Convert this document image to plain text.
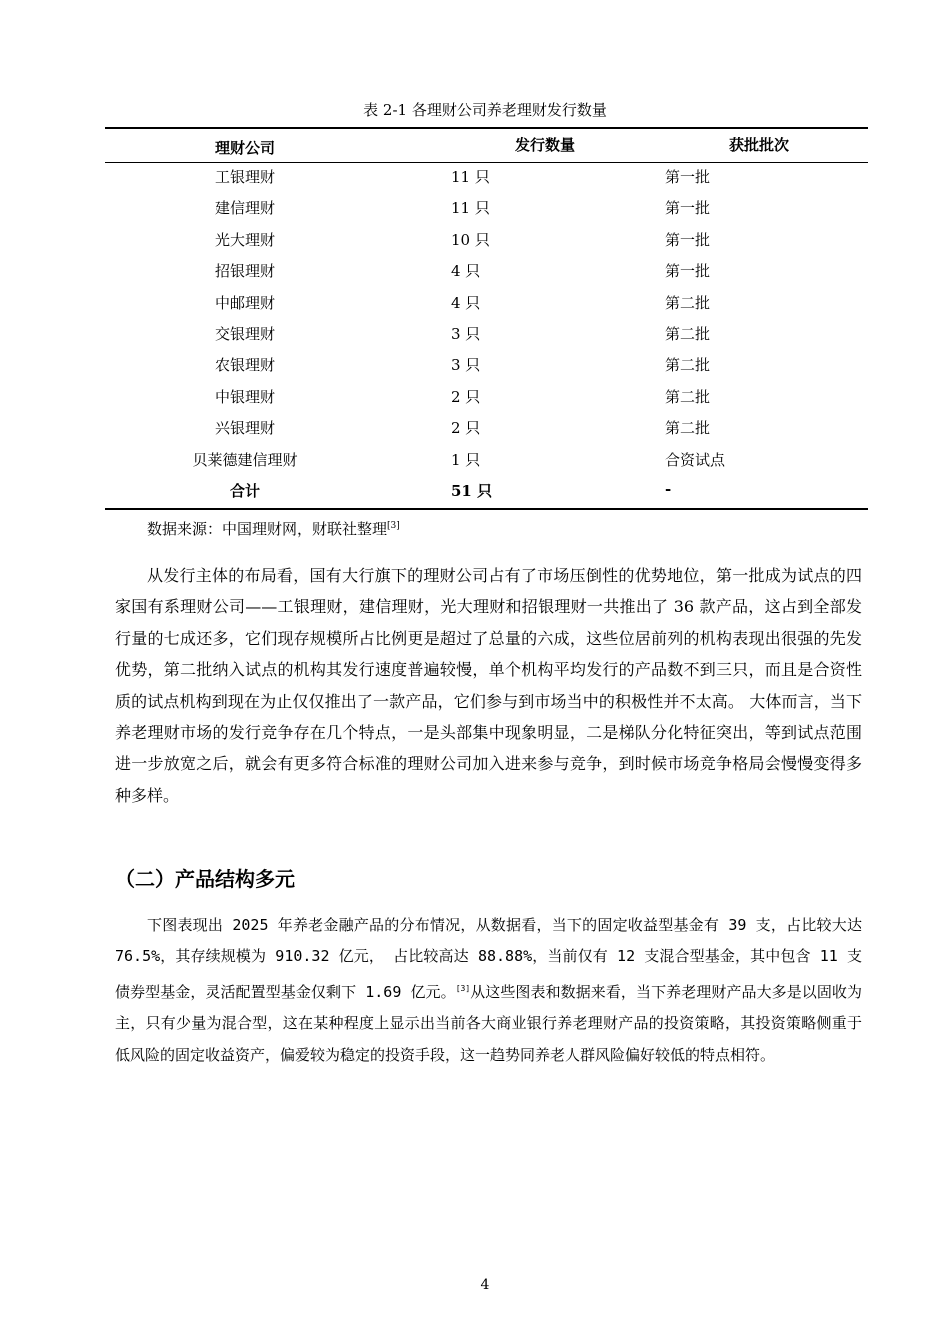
表 2-1 各理财公司养老理财发行数量
理财公司	发行数量	获批批次
工银理财	11 只	第一批
建信理财	11 只	第一批
光大理财	10 只	第一批
招银理财	4 只	第一批
中邮理财	4 只	第二批
交银理财	3 只	第二批
农银理财	3 只	第二批
中银理财	2 只	第二批
兴银理财	2 只	第二批
贝莱德建信理财	1 只	合资试点
合计	51 只	-
数据来源：中国理财网，财联社整理[3]
从发行主体的布局看，国有大行旗下的理财公司占有了市场压倒性的优势地位，第一批成为试点的四家国有系理财公司——工银理财，建信理财，光大理财和招银理财一共推出了 36 款产品，这占到全部发行量的七成还多，它们现存规模所占比例更是超过了总量的六成，这些位居前列的机构表现出很强的先发优势，第二批纳入试点的机构其发行速度普遍较慢，单个机构平均发行的产品数不到三只，而且是合资性质的试点机构到现在为止仅仅推出了一款产品，它们参与到市场当中的积极性并不太高。 大体而言，当下养老理财市场的发行竞争存在几个特点，一是头部集中现象明显，二是梯队分化特征突出，等到试点范围进一步放宽之后，就会有更多符合标准的理财公司加入进来参与竞争，到时候市场竞争格局会慢慢变得多种多样。
（二）产品结构多元
下图表现出 2025 年养老金融产品的分布情况，从数据看，当下的固定收益型基金有 39 支，占比较大达 76.5%，其存续规模为 910.32 亿元， 占比较高达 88.88%，当前仅有 12 支混合型基金，其中包含 11 支债券型基金，灵活配置型基金仅剩下 1.69 亿元。[3]从这些图表和数据来看，当下养老理财产品大多是以固收为主，只有少量为混合型，这在某种程度上显示出当前各大商业银行养老理财产品的投资策略，其投资策略侧重于低风险的固定收益资产，偏爱较为稳定的投资手段，这一趋势同养老人群风险偏好较低的特点相符。
4
